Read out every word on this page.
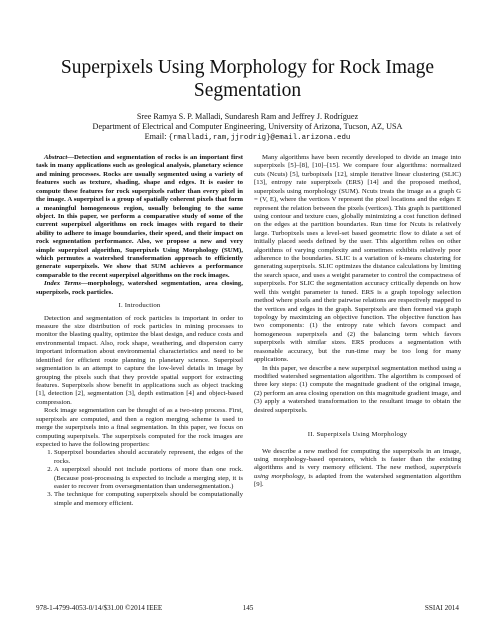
Superpixels Using Morphology for Rock Image Segmentation
Sree Ramya S. P. Malladi, Sundaresh Ram and Jeffrey J. Rodríguez
Department of Electrical and Computer Engineering, University of Arizona, Tucson, AZ, USA
Email: {rmalladi,ram,jjrodrig}@email.arizona.edu

Abstract—Detection and segmentation of rocks is an important first task in many applications such as geological analysis, planetary science and mining processes. Rocks are usually segmented using a variety of features such as texture, shading, shape and edges. It is easier to compute these features for rock superpixels rather than every pixel in the image. A superpixel is a group of spatially coherent pixels that form a meaningful homogeneous region, usually belonging to the same object. In this paper, we perform a comparative study of some of the current superpixel algorithms on rock images with regard to their ability to adhere to image boundaries, their speed, and their impact on rock segmentation performance. Also, we propose a new and very simple superpixel algorithm, Superpixels Using Morphology (SUM), which permutes a watershed transformation approach to efficiently generate superpixels. We show that SUM achieves a performance comparable to the recent superpixel algorithms on the rock images.

Index Terms—morphology, watershed segmentation, area closing, superpixels, rock particles.

I. Introduction

Detection and segmentation of rock particles is important in order to measure the size distribution of rock particles in mining processes to monitor the blasting quality, optimize the blast design, and reduce costs and environmental impact. Also, rock shape, weathering, and dispersion carry important information about environmental characteristics and need to be identified for efficient route planning in planetary science. Superpixel segmentation is an attempt to capture the low-level details in image by grouping the pixels such that they provide spatial support for extracting features. Superpixels show benefit in applications such as object tracking [1], detection [2], segmentation [3], depth estimation [4] and object-based compression.

Rock image segmentation can be thought of as a two-step process. First, superpixels are computed, and then a region merging scheme is used to merge the superpixels into a final segmentation. In this paper, we focus on computing superpixels. The superpixels computed for the rock images are expected to have the following properties:

1. Superpixel boundaries should accurately represent, the edges of the rocks.
2. A superpixel should not include portions of more than one rock. (Because post-processing is expected to include a merging step, it is easier to recover from oversegmentation than undersegmentation.)
3. The technique for computing superpixels should be computationally simple and memory efficient.

Many algorithms have been recently developed to divide an image into superpixels [5]–[8], [10]–[15]. We compare four algorithms: normalized cuts (Ncuts) [5], turbopixels [12], simple iterative linear clustering (SLIC) [13], entropy rate superpixels (ERS) [14] and the proposed method, superpixels using morphology (SUM). Ncuts treats the image as a graph G = (V, E), where the vertices V represent the pixel locations and the edges E represent the relation between the pixels (vertices). This graph is partitioned using contour and texture cues, globally minimizing a cost function defined on the edges at the partition boundaries. Run time for Ncuts is relatively large. Turbopixels uses a level-set based geometric flow to dilate a set of initially placed seeds defined by the user. This algorithm relies on other algorithms of varying complexity and sometimes exhibits relatively poor adherence to the boundaries. SLIC is a variation of k-means clustering for generating superpixels. SLIC optimizes the distance calculations by limiting the search space, and uses a weight parameter to control the compactness of superpixels. For SLIC the segmentation accuracy critically depends on how well this weight parameter is tuned. ERS is a graph topology selection method where pixels and their pairwise relations are respectively mapped to the vertices and edges in the graph. Superpixels are then formed via graph topology by maximizing an objective function. The objective function has two components: (1) the entropy rate which favors compact and homogeneous superpixels and (2) the balancing term which favors superpixels with similar sizes. ERS produces a segmentation with reasonable accuracy, but the run-time may be too long for many applications.

In this paper, we describe a new superpixel segmentation method using a modified watershed segmentation algorithm. The algorithm is composed of three key steps: (1) compute the magnitude gradient of the original image, (2) perform an area closing operation on this magnitude gradient image, and (3) apply a watershed transformation to the resultant image to obtain the desired superpixels.

II. Superpixels Using Morphology

We describe a new method for computing the superpixels in an image, using morphology-based operators, which is faster than the existing algorithms and is very memory efficient. The new method, superpixels using morphology, is adapted from the watershed segmentation algorithm [9].

978-1-4799-4053-0/14/$31.00 ©2014 IEEE	145	SSIAI 2014
